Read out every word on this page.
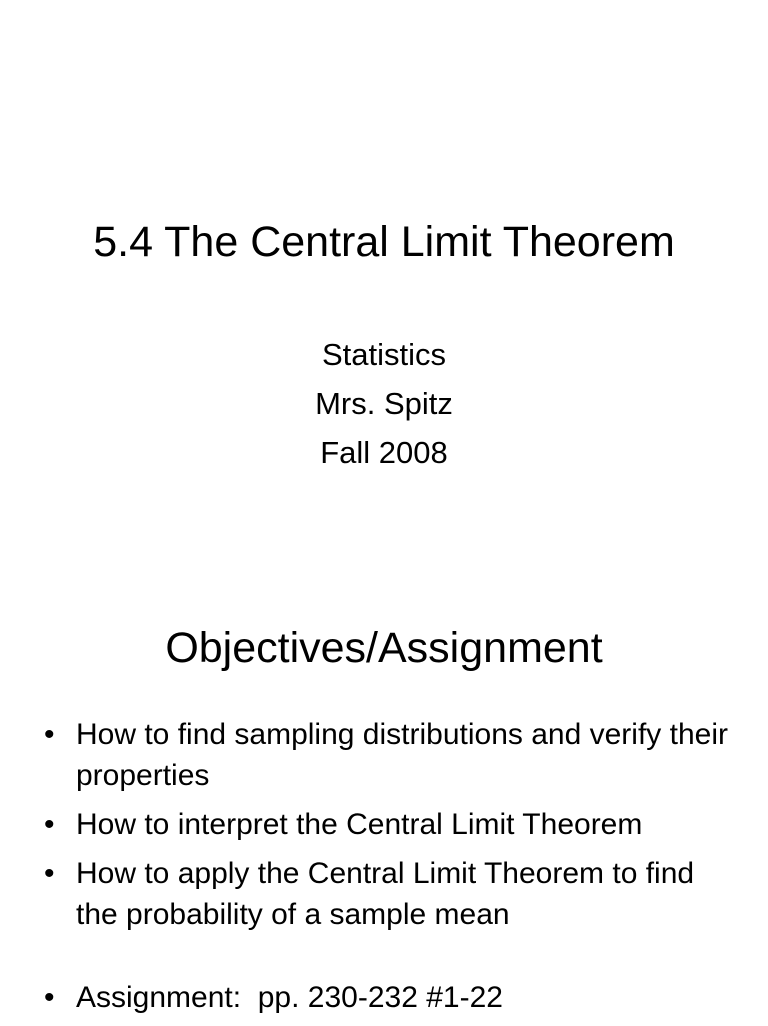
5.4 The Central Limit Theorem
Statistics
Mrs. Spitz
Fall 2008
Objectives/Assignment
• How to find sampling distributions and verify their properties
• How to interpret the Central Limit Theorem
• How to apply the Central Limit Theorem to find the probability of a sample mean
• Assignment:  pp. 230-232 #1-22
